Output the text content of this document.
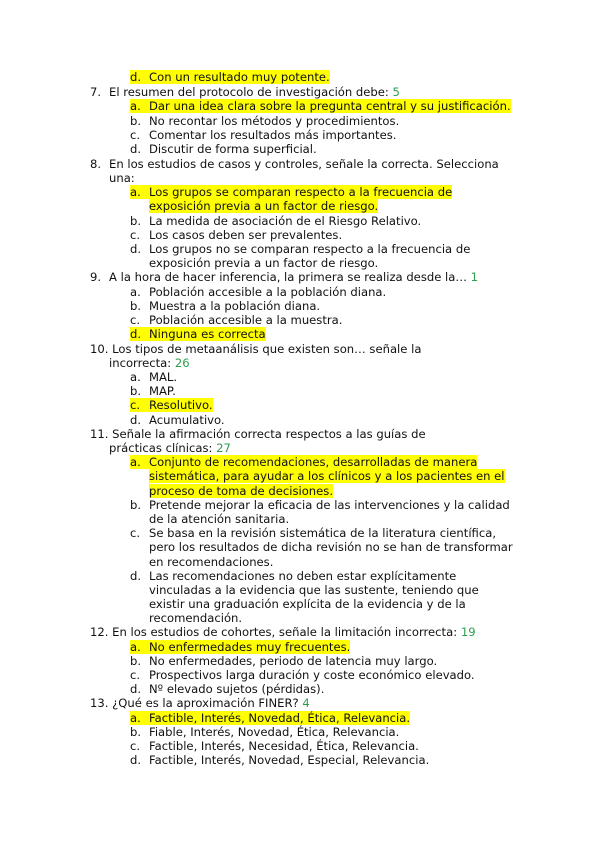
d. Con un resultado muy potente.
7. El resumen del protocolo de investigación debe: 5
a. Dar una idea clara sobre la pregunta central y su justificación.
b. No recontar los métodos y procedimientos.
c. Comentar los resultados más importantes.
d. Discutir de forma superficial.
8. En los estudios de casos y controles, señale la correcta. Selecciona
una:
a. Los grupos se comparan respecto a la frecuencia de
exposición previa a un factor de riesgo.
b. La medida de asociación de el Riesgo Relativo.
c. Los casos deben ser prevalentes.
d. Los grupos no se comparan respecto a la frecuencia de
exposición previa a un factor de riesgo.
9. A la hora de hacer inferencia, la primera se realiza desde la… 1
a. Población accesible a la población diana.
b. Muestra a la población diana.
c. Población accesible a la muestra.
d. Ninguna es correcta
10. Los tipos de metaanálisis que existen son… señale la
incorrecta: 26
a. MAL.
b. MAP.
c. Resolutivo.
d. Acumulativo.
11. Señale la afirmación correcta respectos a las guías de
prácticas clínicas: 27
a. Conjunto de recomendaciones, desarrolladas de manera
sistemática, para ayudar a los clínicos y a los pacientes en el
proceso de toma de decisiones.
b. Pretende mejorar la eficacia de las intervenciones y la calidad
de la atención sanitaria.
c. Se basa en la revisión sistemática de la literatura científica,
pero los resultados de dicha revisión no se han de transformar
en recomendaciones.
d. Las recomendaciones no deben estar explícitamente
vinculadas a la evidencia que las sustente, teniendo que
existir una graduación explícita de la evidencia y de la
recomendación.
12. En los estudios de cohortes, señale la limitación incorrecta: 19
a. No enfermedades muy frecuentes.
b. No enfermedades, periodo de latencia muy largo.
c. Prospectivos larga duración y coste económico elevado.
d. Nº elevado sujetos (pérdidas).
13. ¿Qué es la aproximación FINER? 4
a. Factible, Interés, Novedad, Ética, Relevancia.
b. Fiable, Interés, Novedad, Ética, Relevancia.
c. Factible, Interés, Necesidad, Ética, Relevancia.
d. Factible, Interés, Novedad, Especial, Relevancia.
